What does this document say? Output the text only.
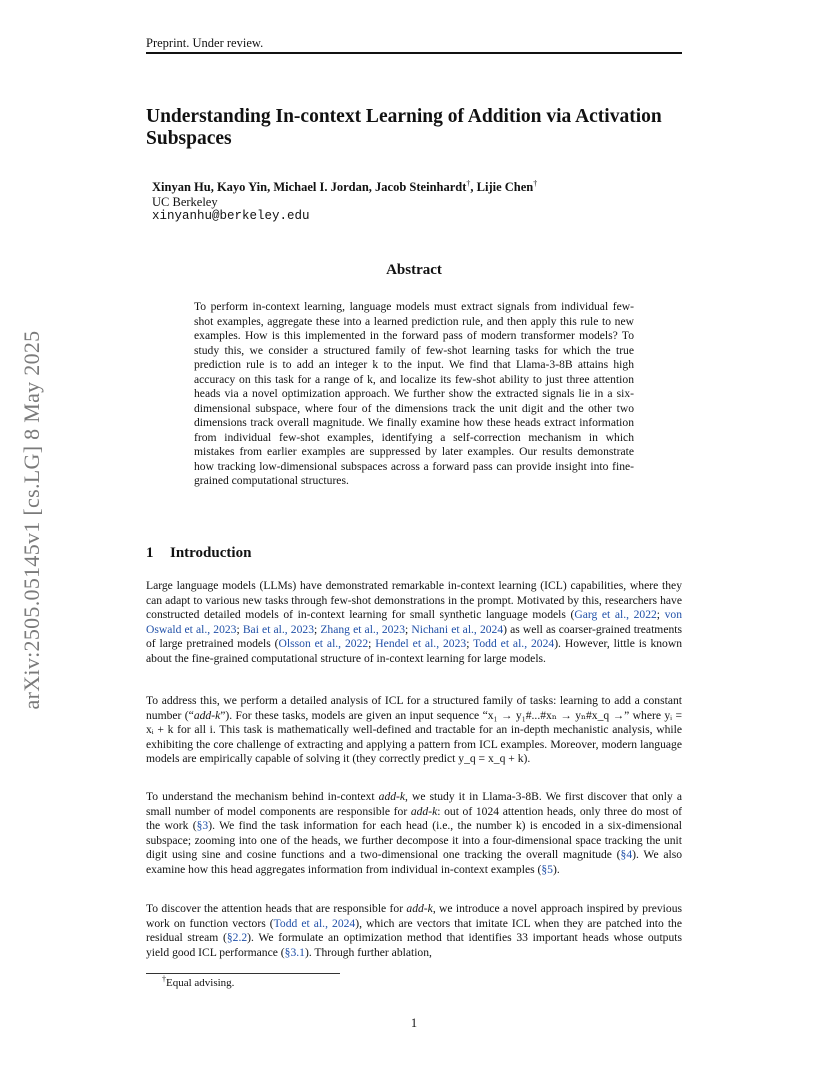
arXiv:2505.05145v1 [cs.LG] 8 May 2025
Preprint. Under review.
Understanding In-context Learning of Addition via Activation Subspaces
Xinyan Hu, Kayo Yin, Michael I. Jordan, Jacob Steinhardt†, Lijie Chen†
UC Berkeley
xinyanhu@berkeley.edu
Abstract
To perform in-context learning, language models must extract signals from individual few-shot examples, aggregate these into a learned prediction rule, and then apply this rule to new examples. How is this implemented in the forward pass of modern transformer models? To study this, we consider a structured family of few-shot learning tasks for which the true prediction rule is to add an integer k to the input. We find that Llama-3-8B attains high accuracy on this task for a range of k, and localize its few-shot ability to just three attention heads via a novel optimization approach. We further show the extracted signals lie in a six-dimensional subspace, where four of the dimensions track the unit digit and the other two dimensions track overall magnitude. We finally examine how these heads extract information from individual few-shot examples, identifying a self-correction mechanism in which mistakes from earlier examples are suppressed by later examples. Our results demonstrate how tracking low-dimensional subspaces across a forward pass can provide insight into fine-grained computational structures.
1 Introduction
Large language models (LLMs) have demonstrated remarkable in-context learning (ICL) capabilities, where they can adapt to various new tasks through few-shot demonstrations in the prompt. Motivated by this, researchers have constructed detailed models of in-context learning for small synthetic language models (Garg et al., 2022; von Oswald et al., 2023; Bai et al., 2023; Zhang et al., 2023; Nichani et al., 2024) as well as coarser-grained treatments of large pretrained models (Olsson et al., 2022; Hendel et al., 2023; Todd et al., 2024). However, little is known about the fine-grained computational structure of in-context learning for large models.
To address this, we perform a detailed analysis of ICL for a structured family of tasks: learning to add a constant number (“add-k”). For these tasks, models are given an input sequence “x₁ → y₁#...#xₙ → yₙ#x_q →” where yᵢ = xᵢ + k for all i. This task is mathematically well-defined and tractable for an in-depth mechanistic analysis, while exhibiting the core challenge of extracting and applying a pattern from ICL examples. Moreover, modern language models are empirically capable of solving it (they correctly predict y_q = x_q + k).
To understand the mechanism behind in-context add-k, we study it in Llama-3-8B. We first discover that only a small number of model components are responsible for add-k: out of 1024 attention heads, only three do most of the work (§3). We find the task information for each head (i.e., the number k) is encoded in a six-dimensional subspace; zooming into one of the heads, we further decompose it into a four-dimensional space tracking the unit digit using sine and cosine functions and a two-dimensional one tracking the overall magnitude (§4). We also examine how this head aggregates information from individual in-context examples (§5).
To discover the attention heads that are responsible for add-k, we introduce a novel approach inspired by previous work on function vectors (Todd et al., 2024), which are vectors that imitate ICL when they are patched into the residual stream (§2.2). We formulate an optimization method that identifies 33 important heads whose outputs yield good ICL performance (§3.1). Through further ablation,
†Equal advising.
1
